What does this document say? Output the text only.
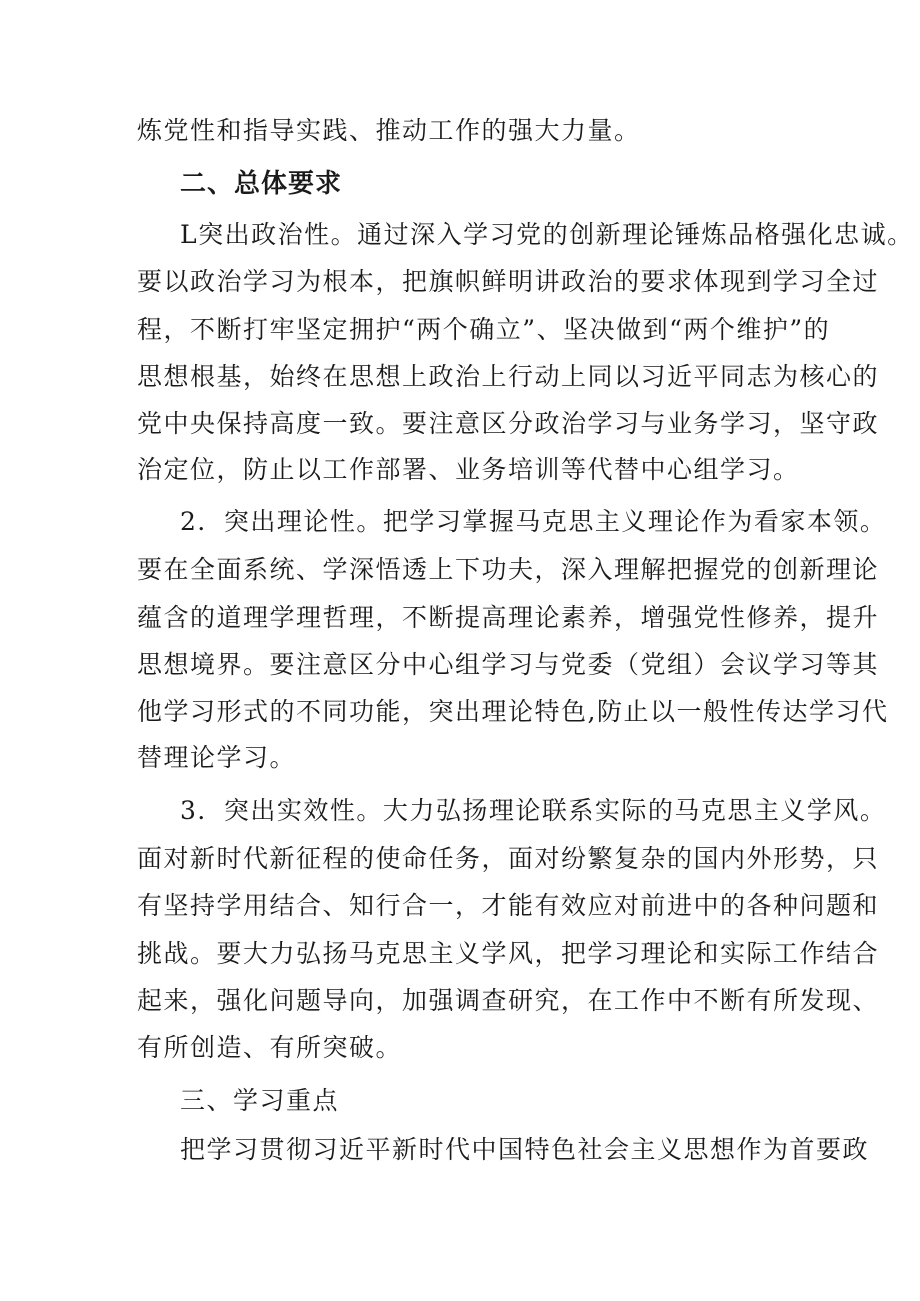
炼党性和指导实践、推动工作的强大力量。
二、总体要求
L突出政治性。通过深入学习党的创新理论锤炼品格强化忠诚。
要以政治学习为根本，把旗帜鲜明讲政治的要求体现到学习全过
程，不断打牢坚定拥护“两个确立”、坚决做到“两个维护”的
思想根基，始终在思想上政治上行动上同以习近平同志为核心的
党中央保持高度一致。要注意区分政治学习与业务学习，坚守政
治定位，防止以工作部署、业务培训等代替中心组学习。
2．突出理论性。把学习掌握马克思主义理论作为看家本领。
要在全面系统、学深悟透上下功夫，深入理解把握党的创新理论
蕴含的道理学理哲理，不断提高理论素养，增强党性修养，提升
思想境界。要注意区分中心组学习与党委（党组）会议学习等其
他学习形式的不同功能，突出理论特色,防止以一般性传达学习代
替理论学习。
3．突出实效性。大力弘扬理论联系实际的马克思主义学风。
面对新时代新征程的使命任务，面对纷繁复杂的国内外形势，只
有坚持学用结合、知行合一，才能有效应对前进中的各种问题和
挑战。要大力弘扬马克思主义学风，把学习理论和实际工作结合
起来，强化问题导向，加强调查研究，在工作中不断有所发现、
有所创造、有所突破。
三、学习重点
把学习贯彻习近平新时代中国特色社会主义思想作为首要政
